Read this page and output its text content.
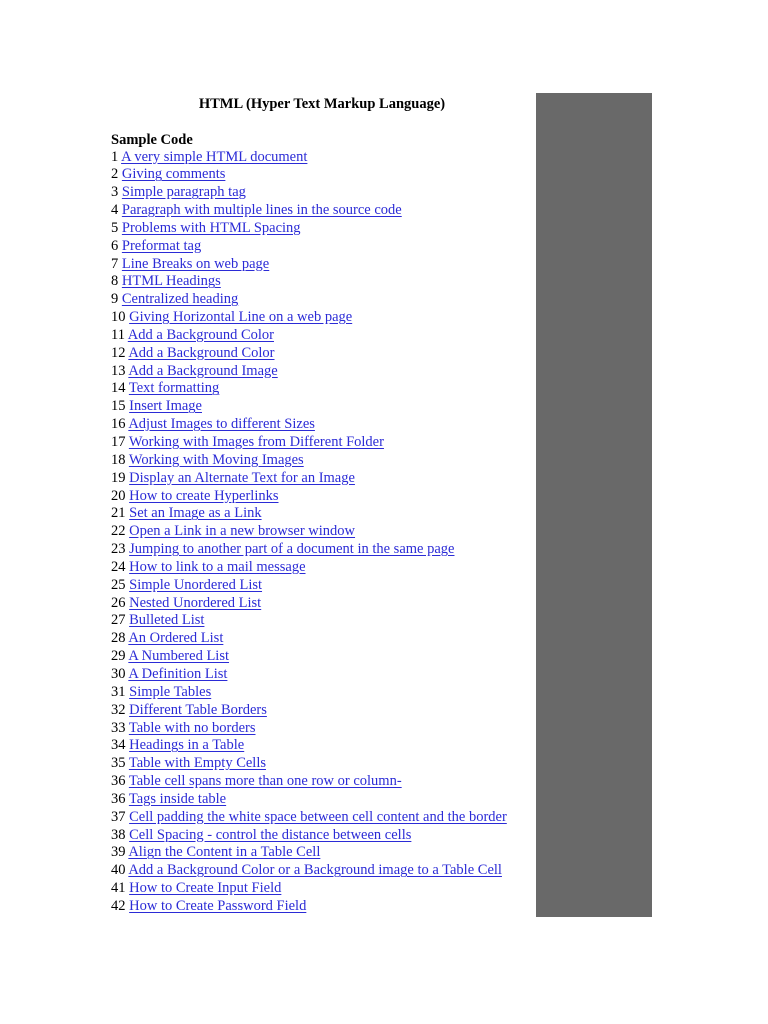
HTML (Hyper Text Markup Language)
Sample Code
1 A very simple HTML document
2 Giving comments
3 Simple paragraph tag
4 Paragraph with multiple lines in the source code
5 Problems with HTML Spacing
6 Preformat tag
7 Line Breaks on web page
8 HTML Headings
9 Centralized heading
10 Giving Horizontal Line on a web page
11 Add a Background Color
12 Add a Background Color
13 Add a Background Image
14 Text formatting
15 Insert Image
16 Adjust Images to different Sizes
17 Working with Images from Different Folder
18 Working with Moving Images
19 Display an Alternate Text for an Image
20 How to create Hyperlinks
21 Set an Image as a Link
22 Open a Link in a new browser window
23 Jumping to another part of a document in the same page
24 How to link to a mail message
25 Simple Unordered List
26 Nested Unordered List
27 Bulleted List
28 An Ordered List
29 A Numbered List
30 A Definition List
31 Simple Tables
32 Different Table Borders
33 Table with no borders
34 Headings in a Table
35 Table with Empty Cells
36 Table cell spans more than one row or column-
36 Tags inside table
37 Cell padding the white space between cell content and the border
38 Cell Spacing - control the distance between cells
39 Align the Content in a Table Cell
40 Add a Background Color or a Background image to a Table Cell
41 How to Create Input Field
42 How to Create Password Field
